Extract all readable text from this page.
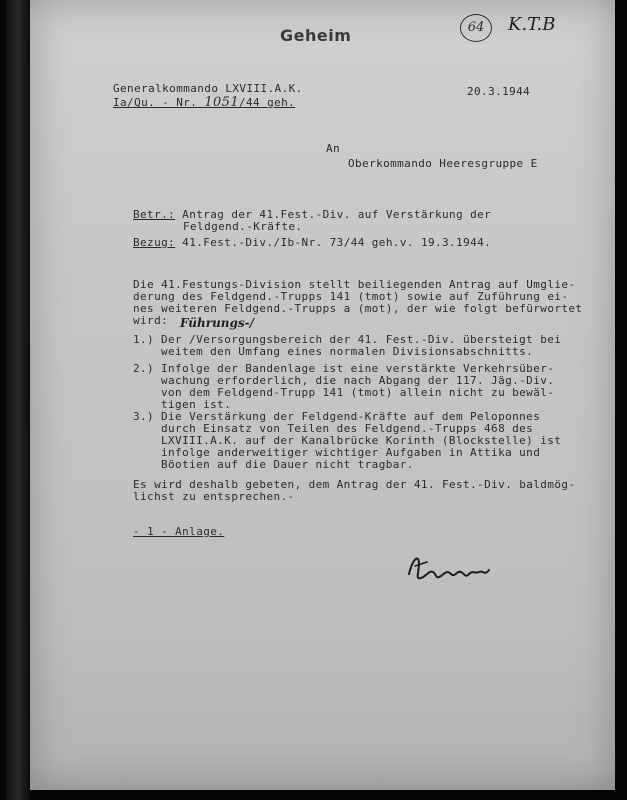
Geheim	64	K.T.B
Generalkommando LXVIII.A.K.
Ia/Qu. - Nr. 1051/44 geh.
20.3.1944
An
Oberkommando Heeresgruppe E
Betr.: Antrag der 41.Fest.-Div. auf Verstärkung der
Feldgend.-Kräfte.
Bezug: 41.Fest.-Div./Ib-Nr. 73/44 geh.v. 19.3.1944.
Die 41.Festungs-Division stellt beiliegenden Antrag auf Umglie-
derung des Feldgend.-Trupps 141 (tmot) sowie auf Zuführung ei-
nes weiteren Feldgend.-Trupps a (mot), der wie folgt befürwortet
wird: Führungs-/
1.) Der /Versorgungsbereich der 41. Fest.-Div. übersteigt bei
weitem den Umfang eines normalen Divisionsabschnitts.
2.) Infolge der Bandenlage ist eine verstärkte Verkehrsüber-
wachung erforderlich, die nach Abgang der 117. Jäg.-Div.
von dem Feldgend-Trupp 141 (tmot) allein nicht zu bewäl-
tigen ist.
3.) Die Verstärkung der Feldgend-Kräfte auf dem Peloponnes
durch Einsatz von Teilen des Feldgend.-Trupps 468 des
LXVIII.A.K. auf der Kanalbrücke Korinth (Blockstelle) ist
infolge anderweitiger wichtiger Aufgaben in Attika und
Böotien auf die Dauer nicht tragbar.
Es wird deshalb gebeten, dem Antrag der 41. Fest.-Div. baldmög-
lichst zu entsprechen.-
- 1 - Anlage.
